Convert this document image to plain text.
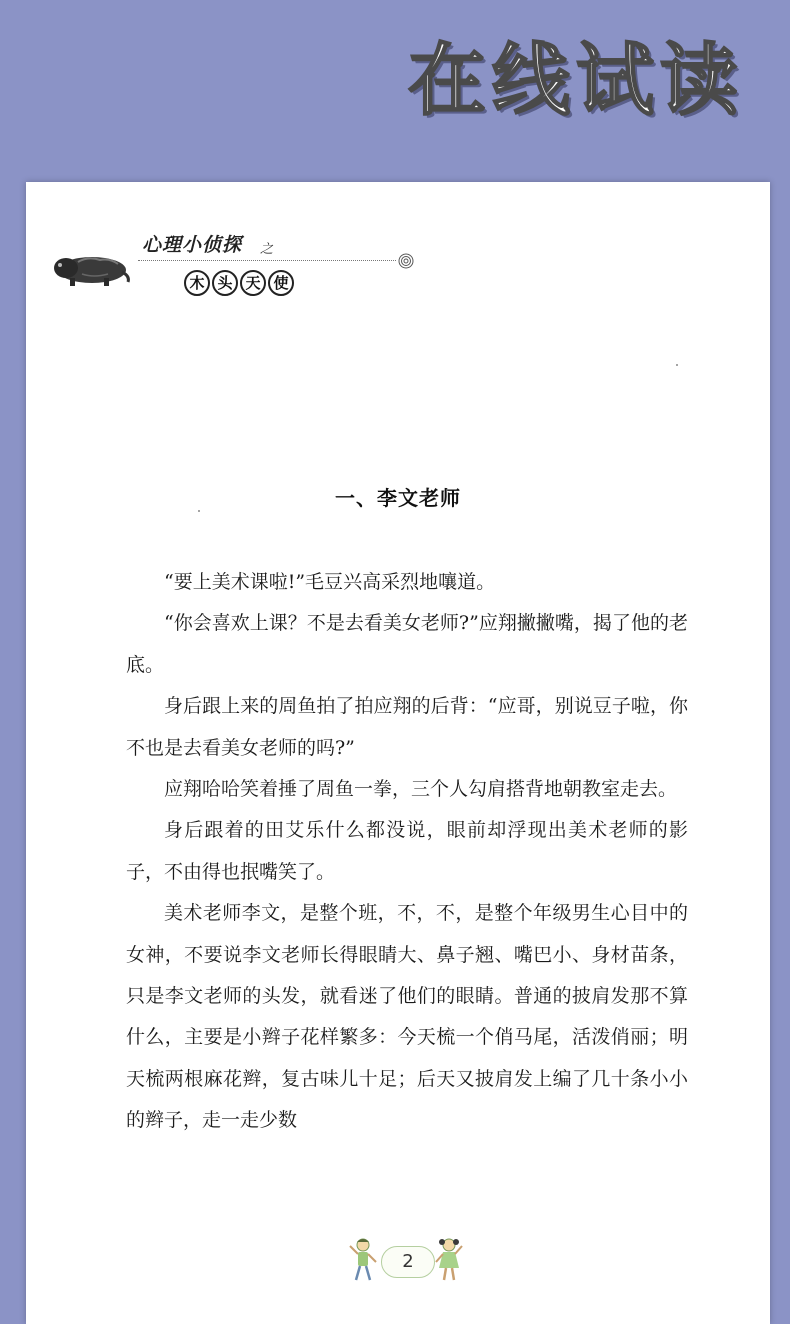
在线试读
心理小侦探 之
木 头 天 使
一、李文老师

“要上美术课啦!”毛豆兴高采烈地嚷道。

“你会喜欢上课？不是去看美女老师?”应翔撇撇嘴，揭了他的老底。

身后跟上来的周鱼拍了拍应翔的后背：“应哥，别说豆子啦，你不也是去看美女老师的吗?”

应翔哈哈笑着捶了周鱼一拳，三个人勾肩搭背地朝教室走去。

身后跟着的田艾乐什么都没说，眼前却浮现出美术老师的影子，不由得也抿嘴笑了。

美术老师李文，是整个班，不，不，是整个年级男生心目中的女神，不要说李文老师长得眼睛大、鼻子翘、嘴巴小、身材苗条，只是李文老师的头发，就看迷了他们的眼睛。普通的披肩发那不算什么，主要是小辫子花样繁多：今天梳一个俏马尾，活泼俏丽；明天梳两根麻花辫，复古味儿十足；后天又披肩发上编了几十条小小的辫子，走一走少数

2
